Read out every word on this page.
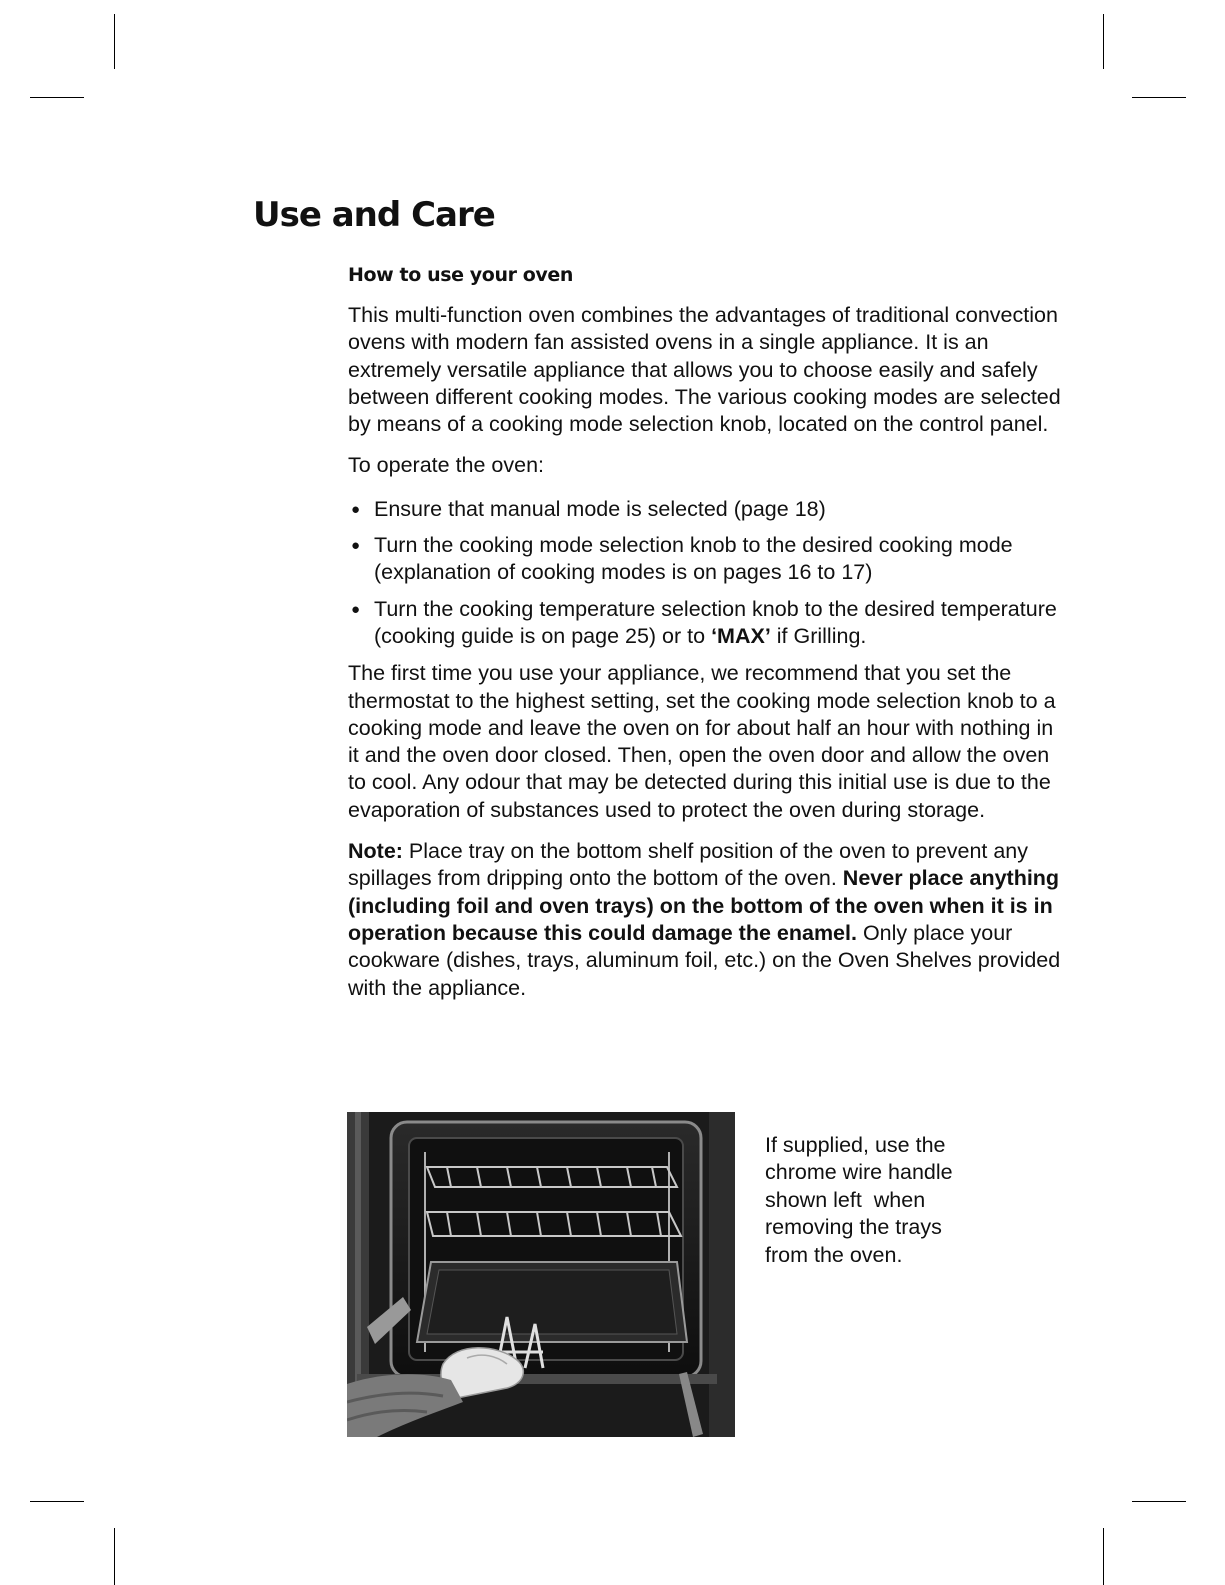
Use and Care
How to use your oven

This multi-function oven combines the advantages of traditional convection ovens with modern fan assisted ovens in a single appliance. It is an extremely versatile appliance that allows you to choose easily and safely between different cooking modes. The various cooking modes are selected by means of a cooking mode selection knob, located on the control panel.

To operate the oven:

● Ensure that manual mode is selected (page 18)
● Turn the cooking mode selection knob to the desired cooking mode (explanation of cooking modes is on pages 16 to 17)
● Turn the cooking temperature selection knob to the desired temperature (cooking guide is on page 25) or to ‘MAX’ if Grilling.

The first time you use your appliance, we recommend that you set the thermostat to the highest setting, set the cooking mode selection knob to a cooking mode and leave the oven on for about half an hour with nothing in it and the oven door closed. Then, open the oven door and allow the oven to cool. Any odour that may be detected during this initial use is due to the evaporation of substances used to protect the oven during storage.

Note: Place tray on the bottom shelf position of the oven to prevent any spillages from dripping onto the bottom of the oven. Never place anything (including foil and oven trays) on the bottom of the oven when it is in operation because this could damage the enamel. Only place your cookware (dishes, trays, aluminum foil, etc.) on the Oven Shelves provided with the appliance.

If supplied, use the
chrome wire handle
shown left  when
removing the trays
from the oven.
